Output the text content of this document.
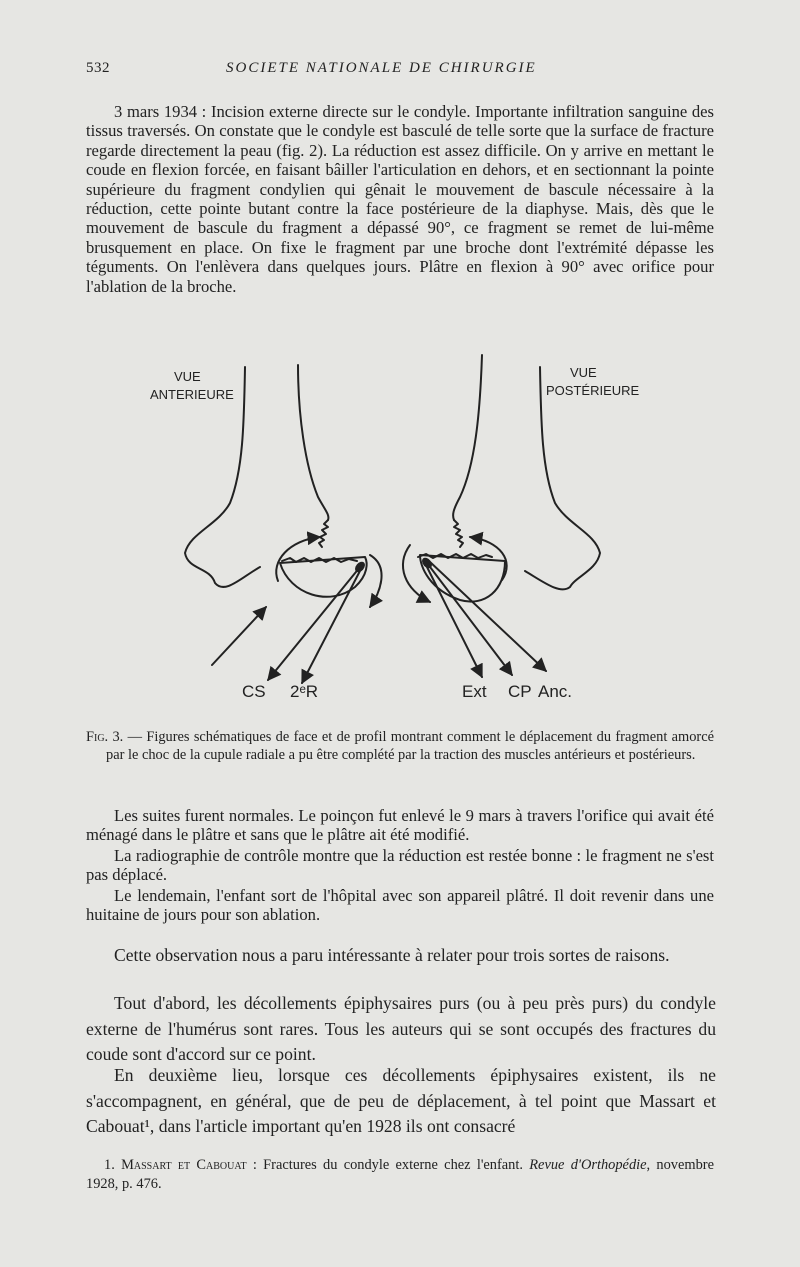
532	SOCIETE NATIONALE DE CHIRURGIE

3 mars 1934 : Incision externe directe sur le condyle. Importante infiltration sanguine des tissus traversés. On constate que le condyle est basculé de telle sorte que la surface de fracture regarde directement la peau (fig. 2). La réduction est assez difficile. On y arrive en mettant le coude en flexion forcée, en faisant bâiller l'articulation en dehors, et en sectionnant la pointe supérieure du fragment condylien qui gênait le mouvement de bascule nécessaire à la réduction, cette pointe butant contre la face postérieure de la diaphyse. Mais, dès que le mouvement de bascule du fragment a dépassé 90°, ce fragment se remet de lui-même brusquement en place. On fixe le fragment par une broche dont l'extrémité dépasse les téguments. On l'enlèvera dans quelques jours. Plâtre en flexion à 90° avec orifice pour l'ablation de la broche.

VUE
ANTERIEURE
VUE
POSTÉRIEURE
CS 2ᵉR	Ext CP Anc.

Fig. 3. — Figures schématiques de face et de profil montrant comment le déplacement du fragment amorcé par le choc de la cupule radiale a pu être complété par la traction des muscles antérieurs et postérieurs.

Les suites furent normales. Le poinçon fut enlevé le 9 mars à travers l'orifice qui avait été ménagé dans le plâtre et sans que le plâtre ait été modifié.

La radiographie de contrôle montre que la réduction est restée bonne : le fragment ne s'est pas déplacé.

Le lendemain, l'enfant sort de l'hôpital avec son appareil plâtré. Il doit revenir dans une huitaine de jours pour son ablation.

Cette observation nous a paru intéressante à relater pour trois sortes de raisons.

Tout d'abord, les décollements épiphysaires purs (ou à peu près purs) du condyle externe de l'humérus sont rares. Tous les auteurs qui se sont occupés des fractures du coude sont d'accord sur ce point.

En deuxième lieu, lorsque ces décollements épiphysaires existent, ils ne s'accompagnent, en général, que de peu de déplacement, à tel point que Massart et Cabouat¹, dans l'article important qu'en 1928 ils ont consacré

1. Massart et Cabouat : Fractures du condyle externe chez l'enfant. Revue d'Orthopédie, novembre 1928, p. 476.
